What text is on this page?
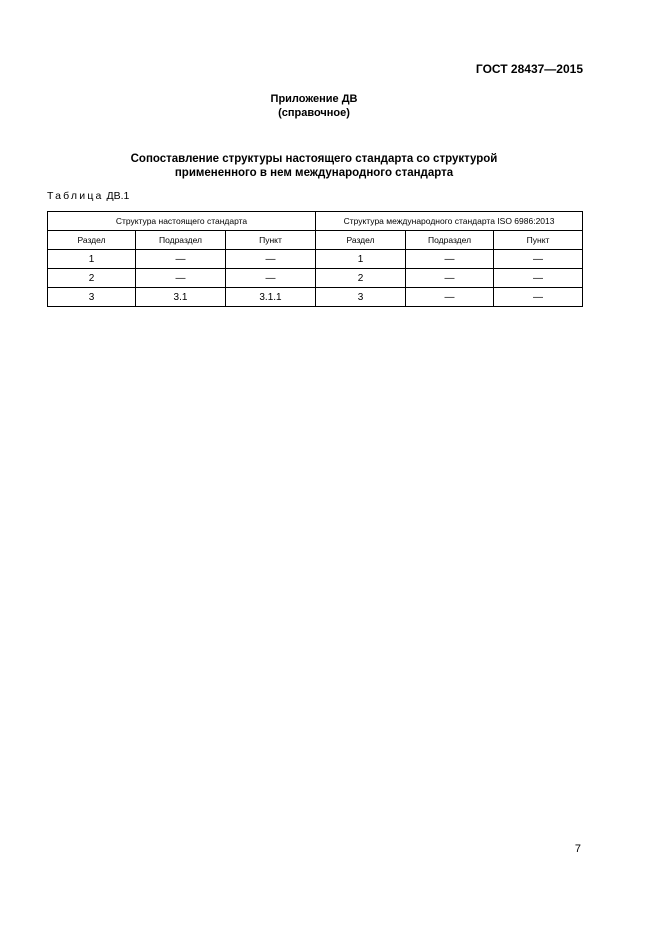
ГОСТ 28437—2015
Приложение ДВ
(справочное)
Сопоставление структуры настоящего стандарта со структурой
примененного в нем международного стандарта
Таблица ДВ.1
Структура настоящего стандарта			Структура международного стандарта ISO 6986:2013		
Раздел	Подраздел	Пункт	Раздел	Подраздел	Пункт
1	—	—	1	—	—
2	—	—	2	—	—
3	3.1	3.1.1	3	—	—
7
